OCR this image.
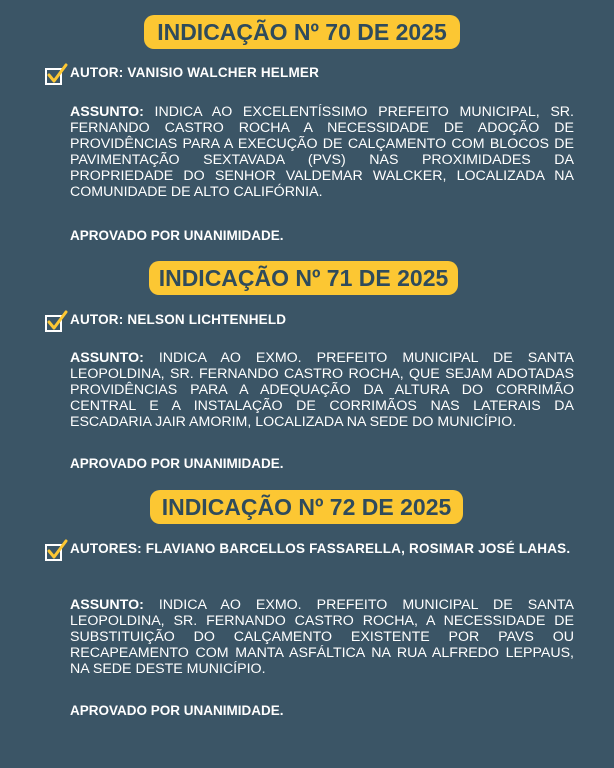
INDICAÇÃO Nº 70 DE 2025
AUTOR: VANISIO WALCHER HELMER
ASSUNTO: INDICA AO EXCELENTÍSSIMO PREFEITO MUNICIPAL, SR. FERNANDO CASTRO ROCHA A NECESSIDADE DE ADOÇÃO DE PROVIDÊNCIAS PARA A EXECUÇÃO DE CALÇAMENTO COM BLOCOS DE PAVIMENTAÇÃO SEXTAVADA (PVS) NAS PROXIMIDADES DA PROPRIEDADE DO SENHOR VALDEMAR WALCKER, LOCALIZADA NA COMUNIDADE DE ALTO CALIFÓRNIA.
APROVADO POR UNANIMIDADE.
INDICAÇÃO Nº 71 DE 2025
AUTOR: NELSON LICHTENHELD
ASSUNTO: INDICA AO EXMO. PREFEITO MUNICIPAL DE SANTA LEOPOLDINA, SR. FERNANDO CASTRO ROCHA, QUE SEJAM ADOTADAS PROVIDÊNCIAS PARA A ADEQUAÇÃO DA ALTURA DO CORRIMÃO CENTRAL E A INSTALAÇÃO DE CORRIMÃOS NAS LATERAIS DA ESCADARIA JAIR AMORIM, LOCALIZADA NA SEDE DO MUNICÍPIO.
APROVADO POR UNANIMIDADE.
INDICAÇÃO Nº 72 DE 2025
AUTORES: FLAVIANO BARCELLOS FASSARELLA, ROSIMAR JOSÉ LAHAS.
ASSUNTO: INDICA AO EXMO. PREFEITO MUNICIPAL DE SANTA LEOPOLDINA, SR. FERNANDO CASTRO ROCHA, A NECESSIDADE DE SUBSTITUIÇÃO DO CALÇAMENTO EXISTENTE POR PAVS OU RECAPEAMENTO COM MANTA ASFÁLTICA NA RUA ALFREDO LEPPAUS, NA SEDE DESTE MUNICÍPIO.
APROVADO POR UNANIMIDADE.
